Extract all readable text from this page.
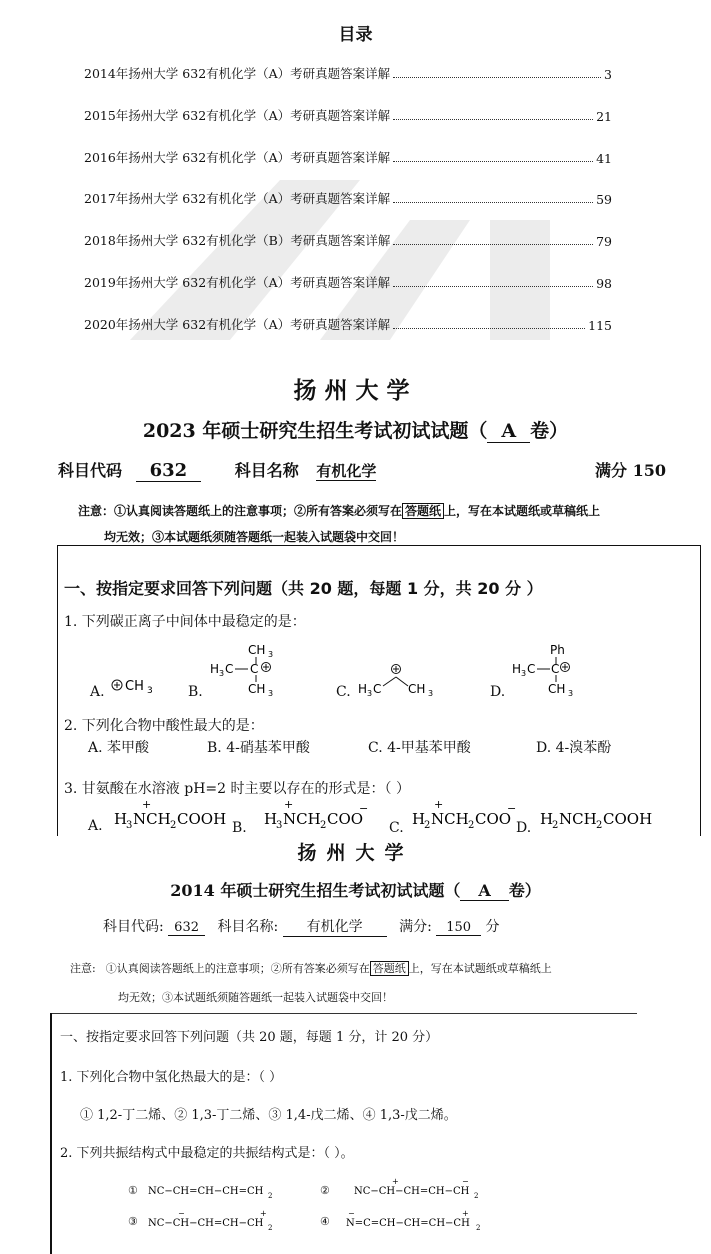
目录
2014年扬州大学 632有机化学（A）考研真题答案详解	3
2015年扬州大学 632有机化学（A）考研真题答案详解	21
2016年扬州大学 632有机化学（A）考研真题答案详解	41
2017年扬州大学 632有机化学（A）考研真题答案详解	59
2018年扬州大学 632有机化学（B）考研真题答案详解	79
2019年扬州大学 632有机化学（A）考研真题答案详解	98
2020年扬州大学 632有机化学（A）考研真题答案详解	115
扬州大学
2023 年硕士研究生招生考试初试试题（ A 卷）
科目代码 632	科目名称 有机化学	满分 150
注意：①认真阅读答题纸上的注意事项；②所有答案必须写在 答题纸 上，写在本试题纸或草稿纸上
均无效；③本试题纸须随答题纸一起装入试题袋中交回！
一、按指定要求回答下列问题（共 20 题，每题 1 分，共 20 分 ）
1. 下列碳正离子中间体中最稳定的是：
A. CH 3	B.
CH 3
H 3 C C
CH 3	C. H 3 C CH 3	D.
Ph
H 3 C C
CH 3
2. 下列化合物中酸性最大的是：
A. 苯甲酸	B. 4-硝基苯甲酸	C. 4-甲基苯甲酸	D. 4-溴苯酚
3. 甘氨酸在水溶液 pH=2 时主要以存在的形式是：（ ）
A.
+
H
3 NCH 2 COOH B.
+
H
3 NCH 2 COO
−
C.
+
H
2 NCH 2 COO
−
D. H
2 NCH 2 COOH
扬州大学
2014 年硕士研究生招生考试初试试题（ A 卷）
科目代码: 632 科目名称: 有机化学	满分: 150 分
注意: ①认真阅读答题纸上的注意事项；②所有答案必须写在 答题纸 上，写在本试题纸或草稿纸上
均无效；③本试题纸须随答题纸一起装入试题袋中交回！
一、按指定要求回答下列问题（共 20 题，每题 1 分，计 20 分）
1. 下列化合物中氢化热最大的是：（ ）
① 1,2-丁二烯、② 1,3-丁二烯、③ 1,4-戊二烯、④ 1,3-戊二烯。
2. 下列共振结构式中最稳定的共振结构式是：（ ）。
① NC−CH=CH−CH=CH 2	②
+	−
NC−CH−CH=CH−CH 2
③
−	+
NC−CH−CH=CH−CH 2	④
−	+
N=C=CH−CH=CH−CH 2
